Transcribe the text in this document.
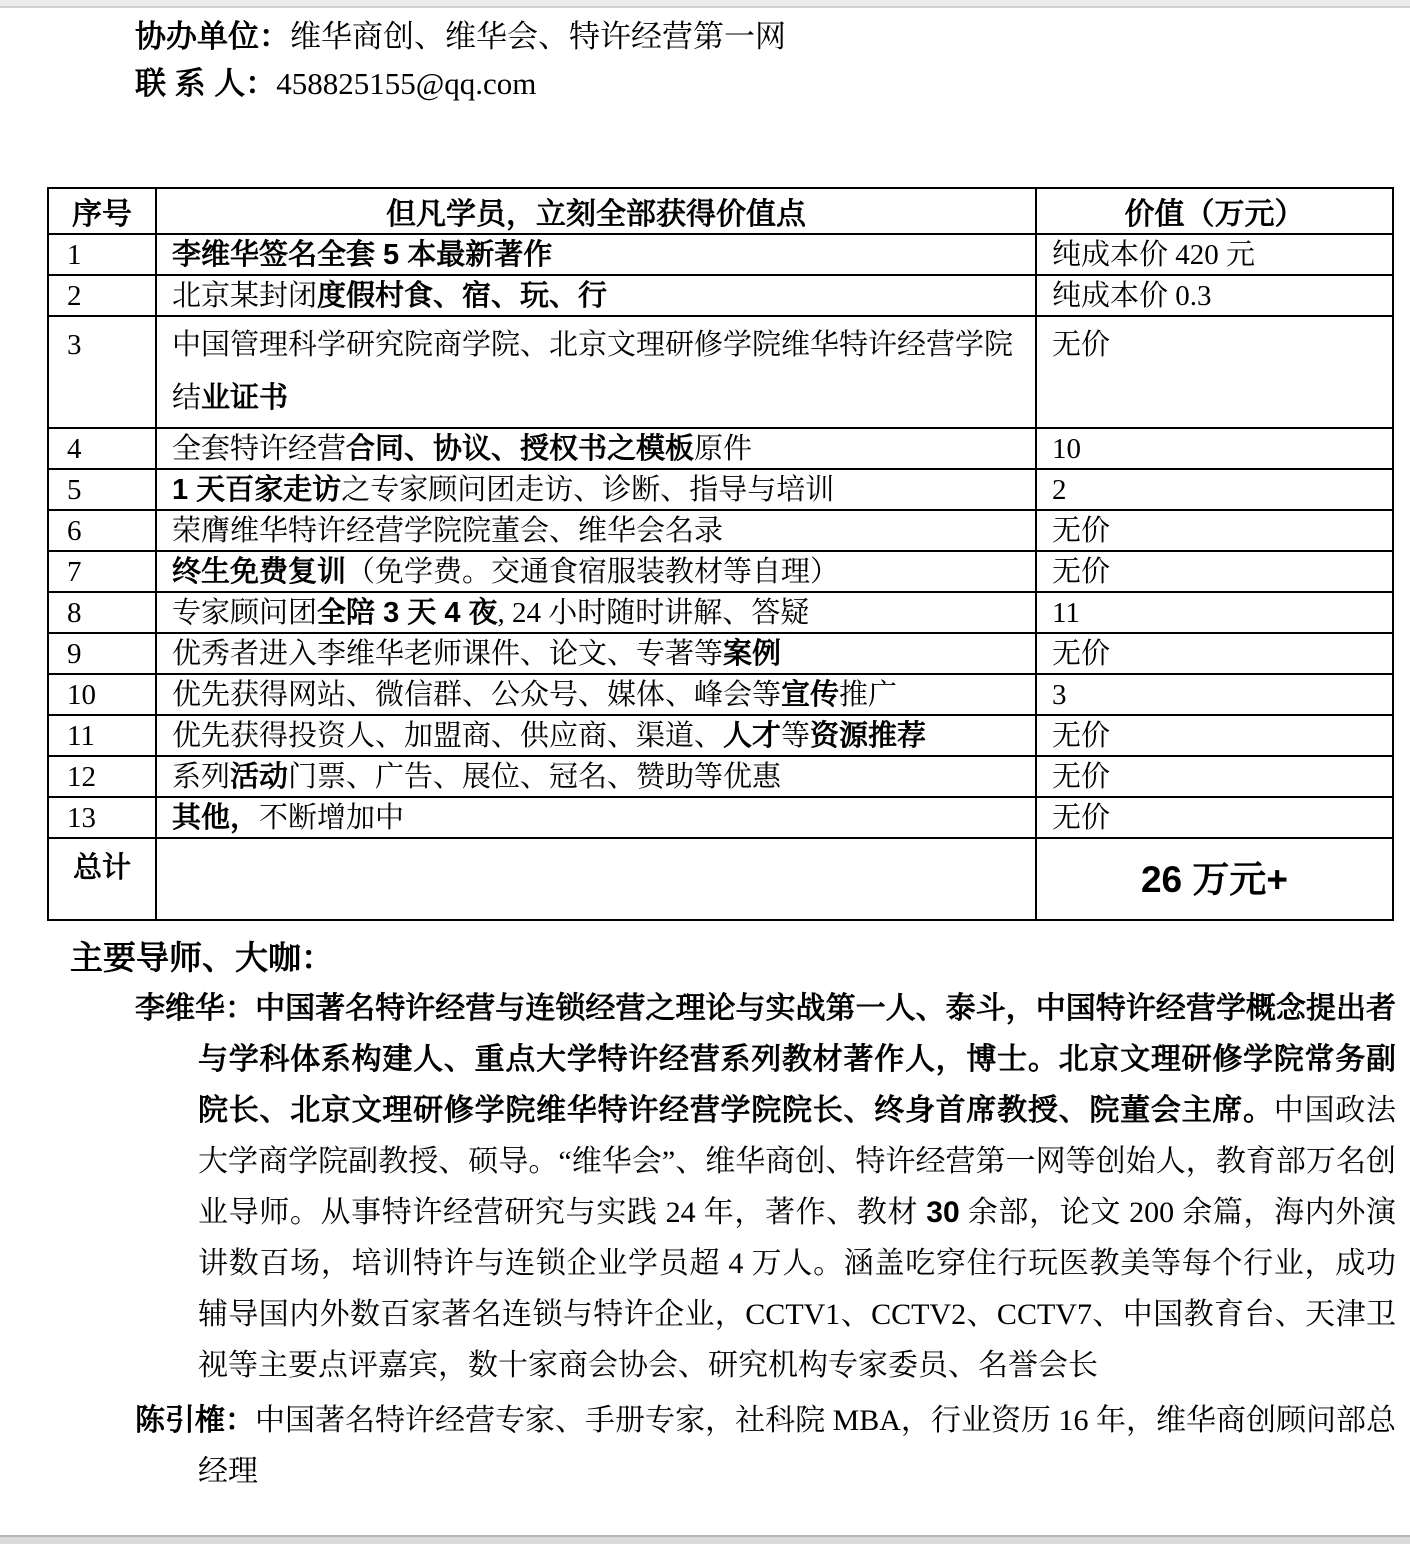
协办单位：维华商创、维华会、特许经营第一网
联 系 人：458825155@qq.com
序号	但凡学员，立刻全部获得价值点	价值（万元）
1	李维华签名全套 5 本最新著作	纯成本价 420 元
2	北京某封闭度假村食、宿、玩、行	纯成本价 0.3
3	中国管理科学研究院商学院、北京文理研修学院维华特许经营学院结业证书	无价
4	全套特许经营合同、协议、授权书之模板原件	10
5	1 天百家走访之专家顾问团走访、诊断、指导与培训	2
6	荣膺维华特许经营学院院董会、维华会名录	无价
7	终生免费复训（免学费。交通食宿服装教材等自理）	无价
8	专家顾问团全陪 3 天 4 夜, 24 小时随时讲解、答疑	11
9	优秀者进入李维华老师课件、论文、专著等案例	无价
10	优先获得网站、微信群、公众号、媒体、峰会等宣传推广	3
11	优先获得投资人、加盟商、供应商、渠道、人才等资源推荐	无价
12	系列活动门票、广告、展位、冠名、赞助等优惠	无价
13	其他，不断增加中	无价
总计		26 万元+
主要导师、大咖：
李维华：中国著名特许经营与连锁经营之理论与实战第一人、泰斗，中国特许经营学概念提出者与学科体系构建人、重点大学特许经营系列教材著作人，博士。北京文理研修学院常务副院长、北京文理研修学院维华特许经营学院院长、终身首席教授、院董会主席。中国政法大学商学院副教授、硕导。“维华会”、维华商创、特许经营第一网等创始人，教育部万名创业导师。从事特许经营研究与实践 24 年，著作、教材 30 余部，论文 200 余篇，海内外演讲数百场，培训特许与连锁企业学员超 4 万人。涵盖吃穿住行玩医教美等每个行业，成功辅导国内外数百家著名连锁与特许企业，CCTV1、CCTV2、CCTV7、中国教育台、天津卫视等主要点评嘉宾，数十家商会协会、研究机构专家委员、名誉会长
陈引榷：中国著名特许经营专家、手册专家，社科院 MBA，行业资历 16 年，维华商创顾问部总经理
